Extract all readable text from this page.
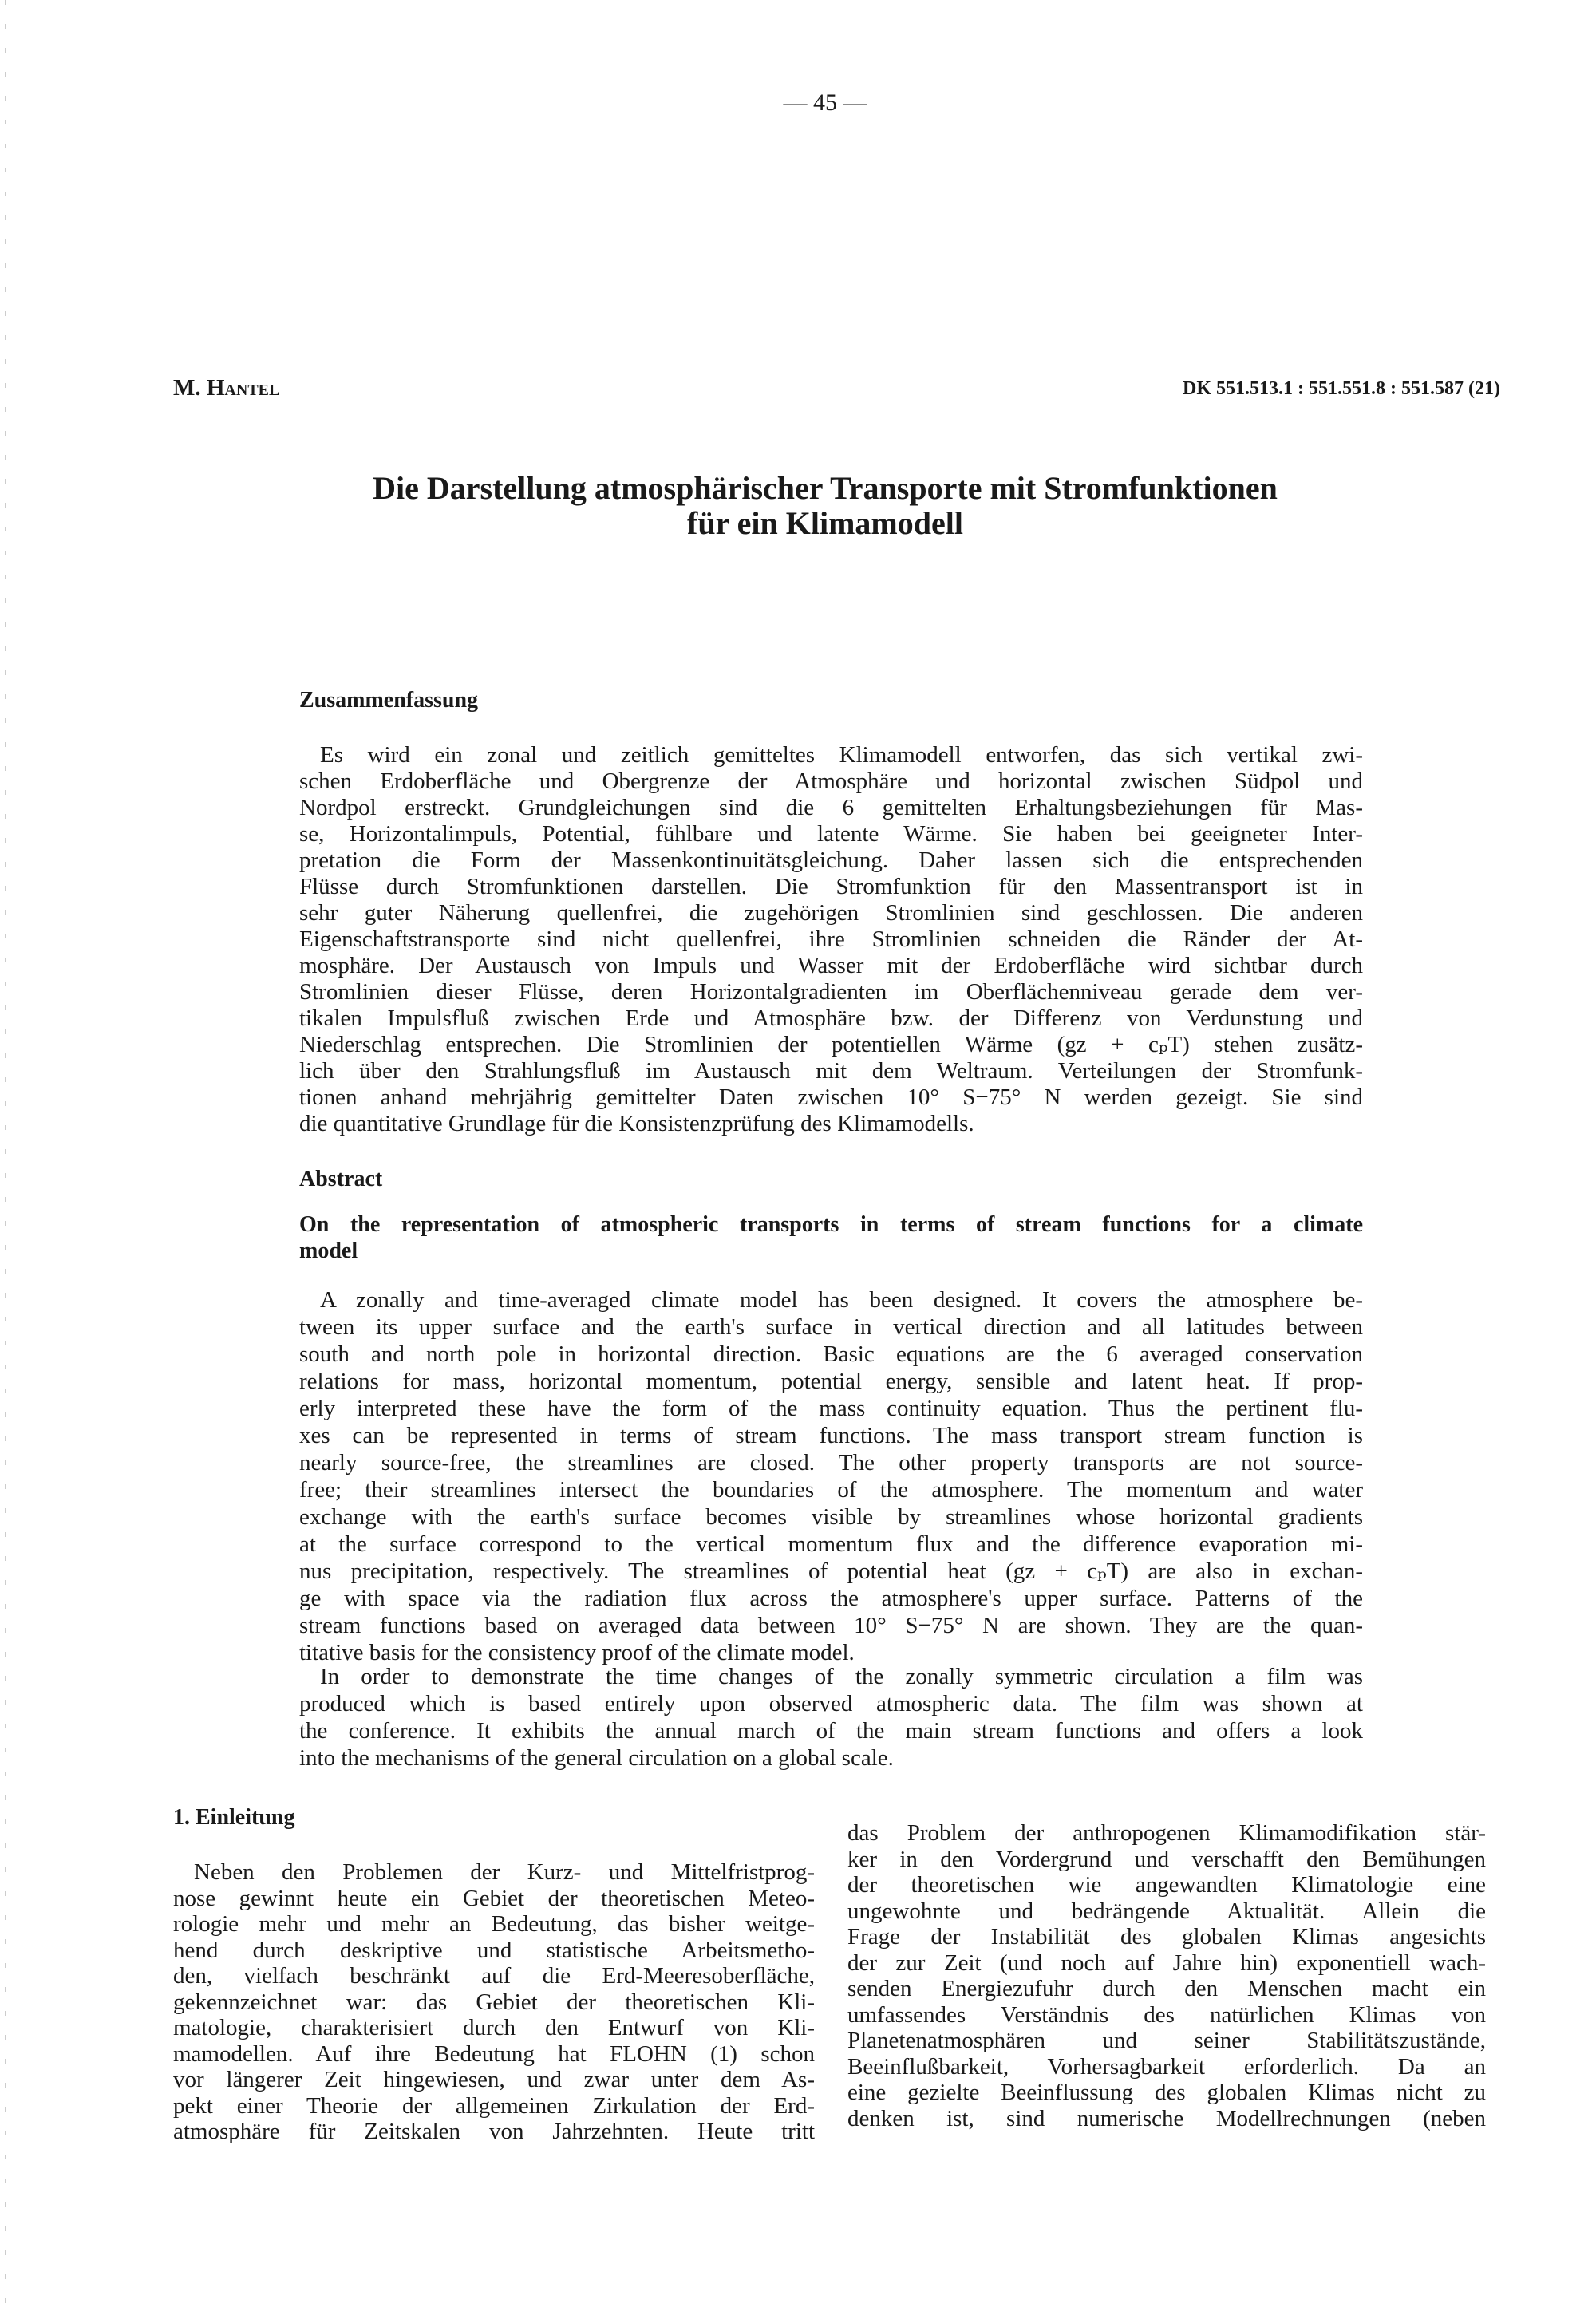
— 45 —
M. Hantel	DK 551.513.1 : 551.551.8 : 551.587 (21)
Die Darstellung atmosphärischer Transporte mit Stromfunktionen
für ein Klimamodell
Zusammenfassung
Es wird ein zonal und zeitlich gemitteltes Klimamodell entworfen, das sich vertikal zwi-
schen Erdoberfläche und Obergrenze der Atmosphäre und horizontal zwischen Südpol und
Nordpol erstreckt. Grundgleichungen sind die 6 gemittelten Erhaltungsbeziehungen für Mas-
se, Horizontalimpuls, Potential, fühlbare und latente Wärme. Sie haben bei geeigneter Inter-
pretation die Form der Massenkontinuitätsgleichung. Daher lassen sich die entsprechenden
Flüsse durch Stromfunktionen darstellen. Die Stromfunktion für den Massentransport ist in
sehr guter Näherung quellenfrei, die zugehörigen Stromlinien sind geschlossen. Die anderen
Eigenschaftstransporte sind nicht quellenfrei, ihre Stromlinien schneiden die Ränder der At-
mosphäre. Der Austausch von Impuls und Wasser mit der Erdoberfläche wird sichtbar durch
Stromlinien dieser Flüsse, deren Horizontalgradienten im Oberflächenniveau gerade dem ver-
tikalen Impulsfluß zwischen Erde und Atmosphäre bzw. der Differenz von Verdunstung und
Niederschlag entsprechen. Die Stromlinien der potentiellen Wärme (gz + cₚT) stehen zusätz-
lich über den Strahlungsfluß im Austausch mit dem Weltraum. Verteilungen der Stromfunk-
tionen anhand mehrjährig gemittelter Daten zwischen 10° S−75° N werden gezeigt. Sie sind
die quantitative Grundlage für die Konsistenzprüfung des Klimamodells.
Abstract
On the representation of atmospheric transports in terms of stream functions for a climate
model
A zonally and time-averaged climate model has been designed. It covers the atmosphere be-
tween its upper surface and the earth's surface in vertical direction and all latitudes between
south and north pole in horizontal direction. Basic equations are the 6 averaged conservation
relations for mass, horizontal momentum, potential energy, sensible and latent heat. If prop-
erly interpreted these have the form of the mass continuity equation. Thus the pertinent flu-
xes can be represented in terms of stream functions. The mass transport stream function is
nearly source-free, the streamlines are closed. The other property transports are not source-
free; their streamlines intersect the boundaries of the atmosphere. The momentum and water
exchange with the earth's surface becomes visible by streamlines whose horizontal gradients
at the surface correspond to the vertical momentum flux and the difference evaporation mi-
nus precipitation, respectively. The streamlines of potential heat (gz + cₚT) are also in exchan-
ge with space via the radiation flux across the atmosphere's upper surface. Patterns of the
stream functions based on averaged data between 10° S−75° N are shown. They are the quan-
titative basis for the consistency proof of the climate model.
In order to demonstrate the time changes of the zonally symmetric circulation a film was
produced which is based entirely upon observed atmospheric data. The film was shown at
the conference. It exhibits the annual march of the main stream functions and offers a look
into the mechanisms of the general circulation on a global scale.
1. Einleitung
Neben den Problemen der Kurz- und Mittelfristprog-
nose gewinnt heute ein Gebiet der theoretischen Meteo-
rologie mehr und mehr an Bedeutung, das bisher weitge-
hend durch deskriptive und statistische Arbeitsmetho-
den, vielfach beschränkt auf die Erd-Meeresoberfläche,
gekennzeichnet war: das Gebiet der theoretischen Kli-
matologie, charakterisiert durch den Entwurf von Kli-
mamodellen. Auf ihre Bedeutung hat FLOHN (1) schon
vor längerer Zeit hingewiesen, und zwar unter dem As-
pekt einer Theorie der allgemeinen Zirkulation der Erd-
atmosphäre für Zeitskalen von Jahrzehnten. Heute tritt
das Problem der anthropogenen Klimamodifikation stär-
ker in den Vordergrund und verschafft den Bemühungen
der theoretischen wie angewandten Klimatologie eine
ungewohnte und bedrängende Aktualität. Allein die
Frage der Instabilität des globalen Klimas angesichts
der zur Zeit (und noch auf Jahre hin) exponentiell wach-
senden Energiezufuhr durch den Menschen macht ein
umfassendes Verständnis des natürlichen Klimas von
Planetenatmosphären und seiner Stabilitätszustände,
Beeinflußbarkeit, Vorhersagbarkeit erforderlich. Da an
eine gezielte Beeinflussung des globalen Klimas nicht zu
denken ist, sind numerische Modellrechnungen (neben
